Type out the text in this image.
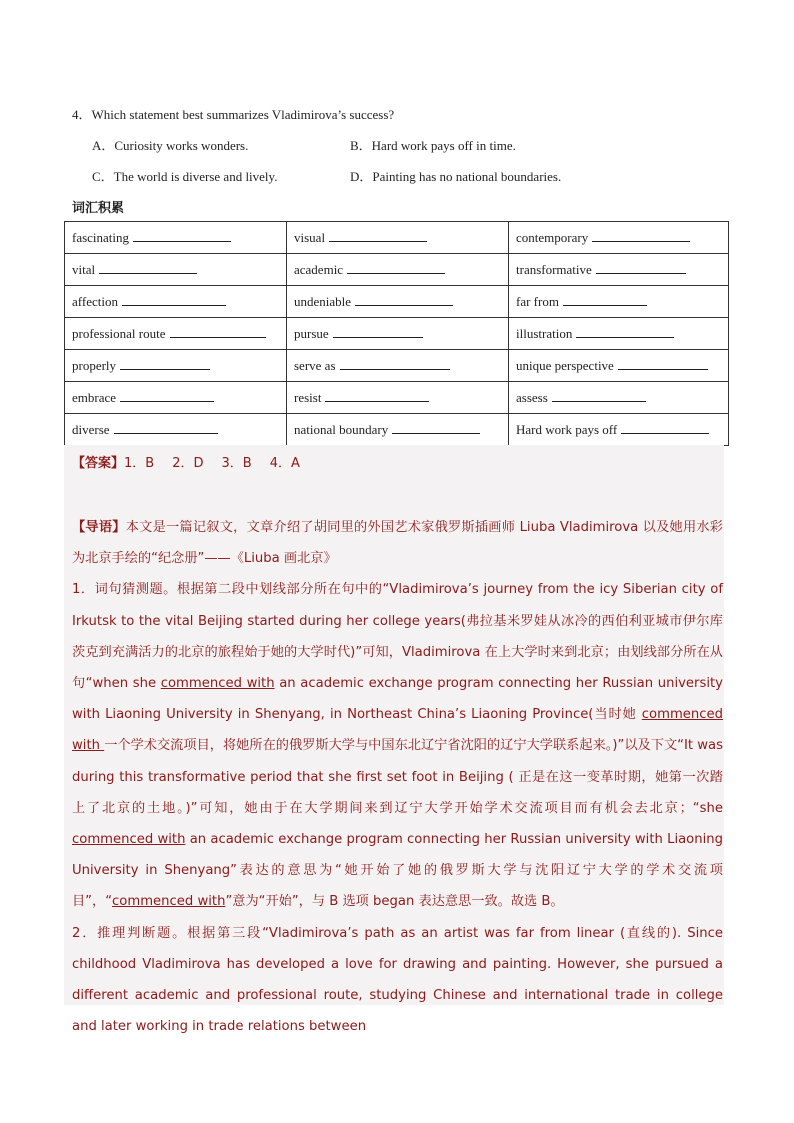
4．Which statement best summarizes Vladimirova’s success?
A．Curiosity works wonders.	B．Hard work pays off in time.
C．The world is diverse and lively.	D．Painting has no national boundaries.
词汇积累
fascinating	visual	contemporary
vital	academic	transformative
affection	undeniable	far from
professional route	pursue	illustration
properly	serve as	unique perspective
embrace	resist	assess
diverse	national boundary	Hard work pays off
【答案】1．B 2．D 3．B 4．A

【导语】本文是一篇记叙文，文章介绍了胡同里的外国艺术家俄罗斯插画师 Liuba Vladimirova 以及她用水彩为北京手绘的“纪念册”——《Liuba 画北京》

1．词句猜测题。根据第二段中划线部分所在句中的“Vladimirova’s journey from the icy Siberian city of Irkutsk to the vital Beijing started during her college years(弗拉基米罗娃从冰冷的西伯利亚城市伊尔库茨克到充满活力的北京的旅程始于她的大学时代)”可知，Vladimirova 在上大学时来到北京；由划线部分所在从句“when she commenced with an academic exchange program connecting her Russian university with Liaoning University in Shenyang, in Northeast China’s Liaoning Province(当时她 commenced with 一个学术交流项目，将她所在的俄罗斯大学与中国东北辽宁省沈阳的辽宁大学联系起来。)”以及下文“It was during this transformative period that she first set foot in Beijing ( 正是在这一变革时期，她第一次踏上了北京的土地。)”可知，她由于在大学期间来到辽宁大学开始学术交流项目而有机会去北京；“she commenced with an academic exchange program connecting her Russian university with Liaoning University in Shenyang”表达的意思为“她开始了她的俄罗斯大学与沈阳辽宁大学的学术交流项目”，“commenced with”意为“开始”，与 B 选项 began 表达意思一致。故选 B。

2．推理判断题。根据第三段“Vladimirova’s path as an artist was far from linear (直线的). Since childhood Vladimirova has developed a love for drawing and painting. However, she pursued a different academic and professional route, studying Chinese and international trade in college and later working in trade relations between
